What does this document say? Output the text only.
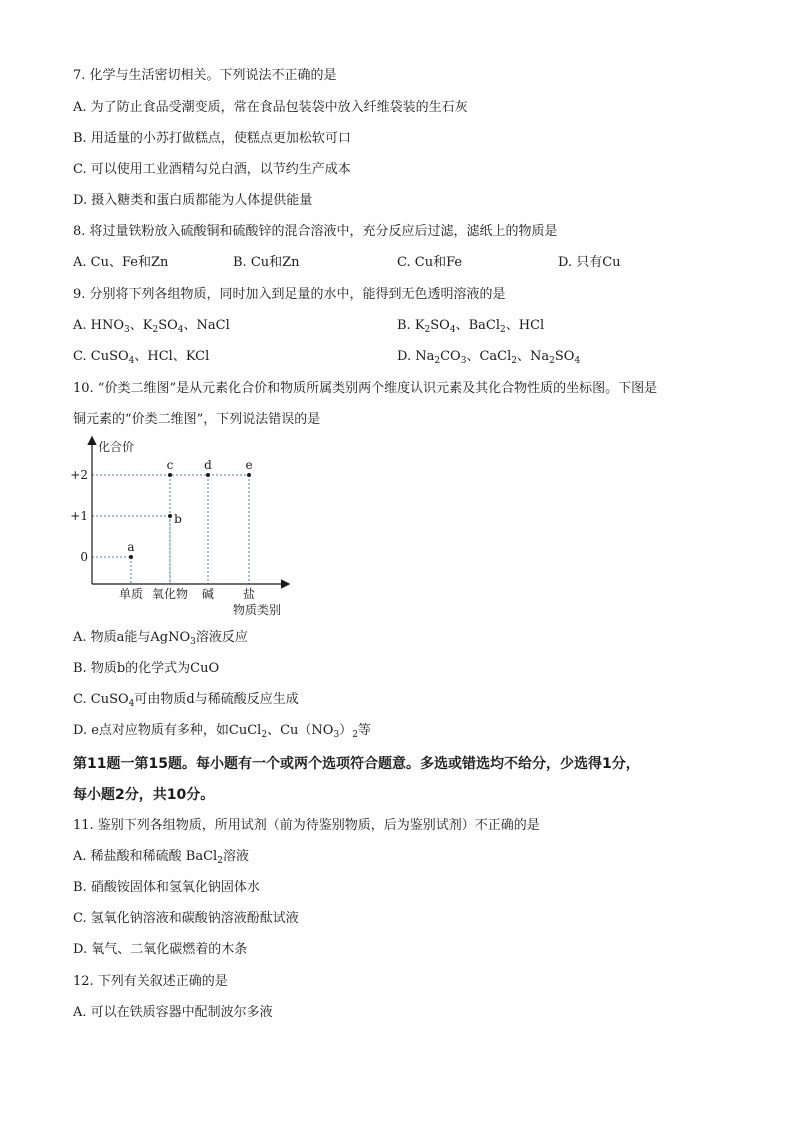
7. 化学与生活密切相关。下列说法不正确的是
A. 为了防止食品受潮变质，常在食品包装袋中放入纤维袋装的生石灰
B. 用适量的小苏打做糕点，使糕点更加松软可口
C. 可以使用工业酒精勾兑白酒，以节约生产成本
D. 摄入糖类和蛋白质都能为人体提供能量
8. 将过量铁粉放入硫酸铜和硫酸锌的混合溶液中，充分反应后过滤，滤纸上的物质是
A. Cu、Fe和Zn	B. Cu和Zn	C. Cu和Fe	D. 只有Cu
9. 分别将下列各组物质，同时加入到足量的水中，能得到无色透明溶液的是
A. $HNO_3$、$K_2SO_4$、NaCl	B. $K_2SO_4$、BaCl$_2$、HCl
C. CuSO$_4$、HCl、KCl	D. $Na_2CO_3$、CaCl$_2$、$Na_2SO_4$
10. “价类二维图”是从元素化合价和物质所属类别两个维度认识元素及其化合物性质的坐标图。下图是
铜元素的“价类二维图”，下列说法错误的是
化合价
物质类别
+2
+1
0
单质 氧化物 碱 盐
a
b
c	d	e
A. 物质a能与AgNO$_3$溶液反应
B. 物质b的化学式为CuO
C. CuSO$_4$可由物质d与稀硫酸反应生成
D. e点对应物质有多种，如CuCl$_2$、$Cu(NO_3)_2$等
第11题一第15题。每小题有一个或两个选项符合题意。多选或错选均不给分，少选得1分，
每小题2分，共10分。
11. 鉴别下列各组物质，所用试剂（前为待鉴别物质，后为鉴别试剂）不正确的是
A. 稀盐酸和稀硫酸 BaCl$_2$溶液
B. 硝酸铵固体和氢氧化钠固体水
C. 氢氧化钠溶液和碳酸钠溶液酚酞试液
D. 氧气、二氧化碳燃着的木条
12. 下列有关叙述正确的是
A. 可以在铁质容器中配制波尔多液
